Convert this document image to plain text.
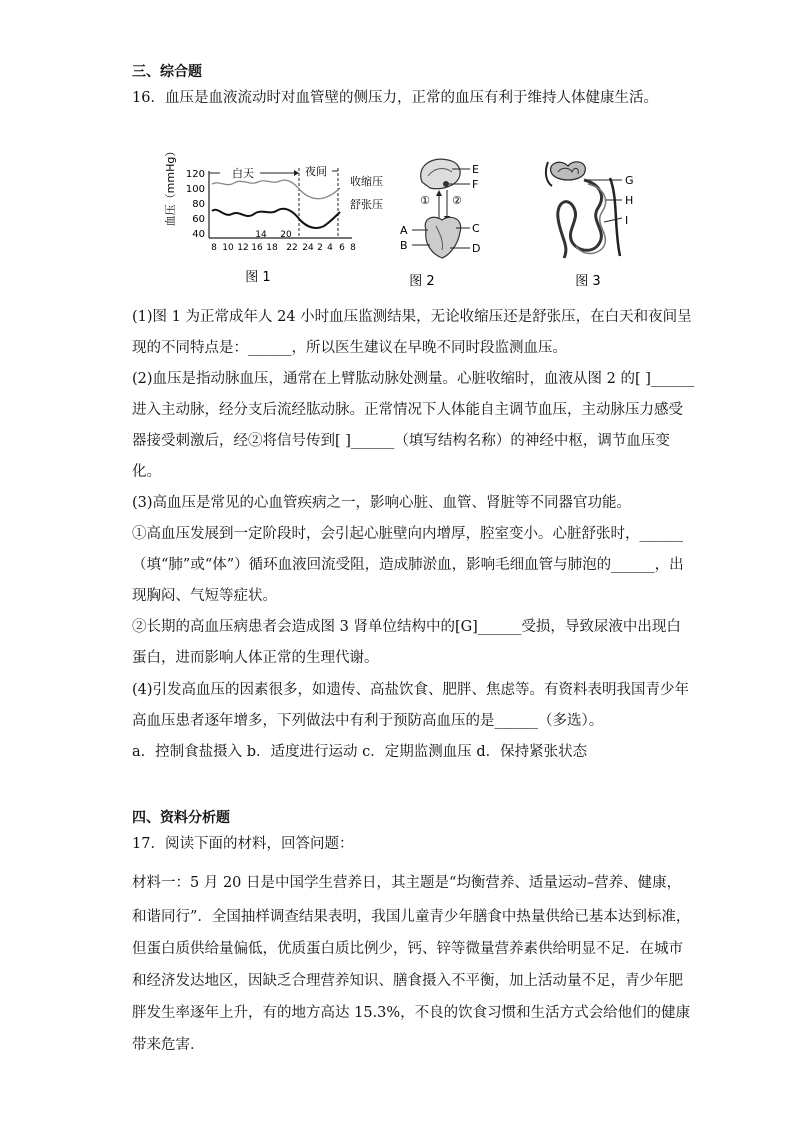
三、综合题
16．血压是血液流动时对血管壁的侧压力，正常的血压有利于维持人体健康生活。
血压（mmHg） 120
100
80
60
40
白天	夜间
收缩压
舒张压
14 20
8 10 12 16 18 22 24 2 4 6 8
图 1
E
F
① ②
A
B
C
D
图 2
G
H
I
图 3
(1)图 1 为正常成年人 24 小时血压监测结果，无论收缩压还是舒张压，在白天和夜间呈
现的不同特点是：______，所以医生建议在早晚不同时段监测血压。
(2)血压是指动脉血压，通常在上臂肱动脉处测量。心脏收缩时，血液从图 2 的[ ]______
进入主动脉，经分支后流经肱动脉。正常情况下人体能自主调节血压，主动脉压力感受
器接受刺激后，经②将信号传到[ ]______（填写结构名称）的神经中枢，调节血压变
化。
(3)高血压是常见的心血管疾病之一，影响心脏、血管、肾脏等不同器官功能。
①高血压发展到一定阶段时，会引起心脏壁向内增厚，腔室变小。心脏舒张时，______
（填“肺”或“体”）循环血液回流受阻，造成肺淤血，影响毛细血管与肺泡的______，出
现胸闷、气短等症状。
②长期的高血压病患者会造成图 3 肾单位结构中的[G]______受损，导致尿液中出现白
蛋白，进而影响人体正常的生理代谢。
(4)引发高血压的因素很多，如遗传、高盐饮食、肥胖、焦虑等。有资料表明我国青少年
高血压患者逐年增多，下列做法中有利于预防高血压的是______（多选）。
a．控制食盐摄入 b．适度进行运动 c．定期监测血压 d．保持紧张状态
四、资料分析题
17．阅读下面的材料，回答问题：
材料一：5 月 20 日是中国学生营养日，其主题是“均衡营养、适量运动–营养、健康，
和谐同行”．全国抽样调查结果表明，我国儿童青少年膳食中热量供给已基本达到标准，
但蛋白质供给量偏低，优质蛋白质比例少，钙、锌等微量营养素供给明显不足．在城市
和经济发达地区，因缺乏合理营养知识、膳食摄入不平衡，加上活动量不足，青少年肥
胖发生率逐年上升，有的地方高达 15.3%，不良的饮食习惯和生活方式会给他们的健康
带来危害．
